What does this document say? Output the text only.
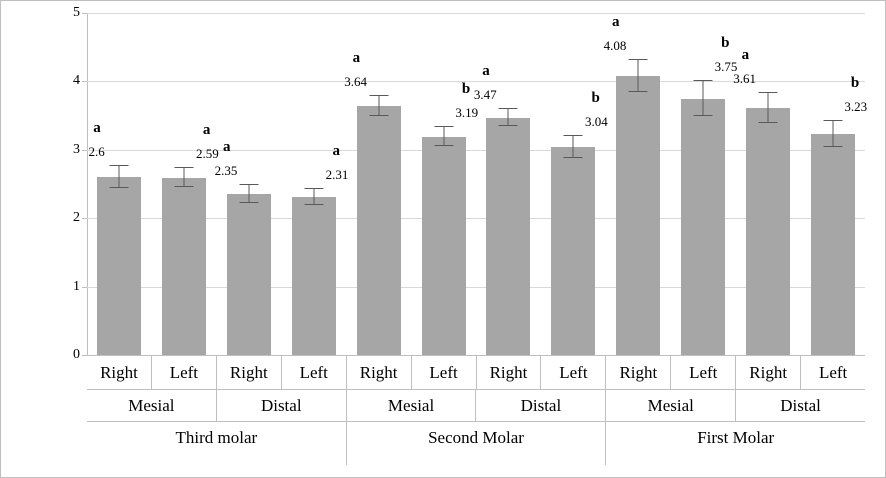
0
1
2
3
4
5
2.6
a
2.59
a
2.35
a
2.31
a
3.64
a
3.19
b 3.47
a
3.04
b
4.08
a
3.75
b
3.61
a
3.23
b
Right	Left	Right	Left	Right	Left	Right	Left	Right	Left	Right	Left
Mesial	Distal	Mesial	Distal	Mesial	Distal
Third molar	Second Molar	First Molar
